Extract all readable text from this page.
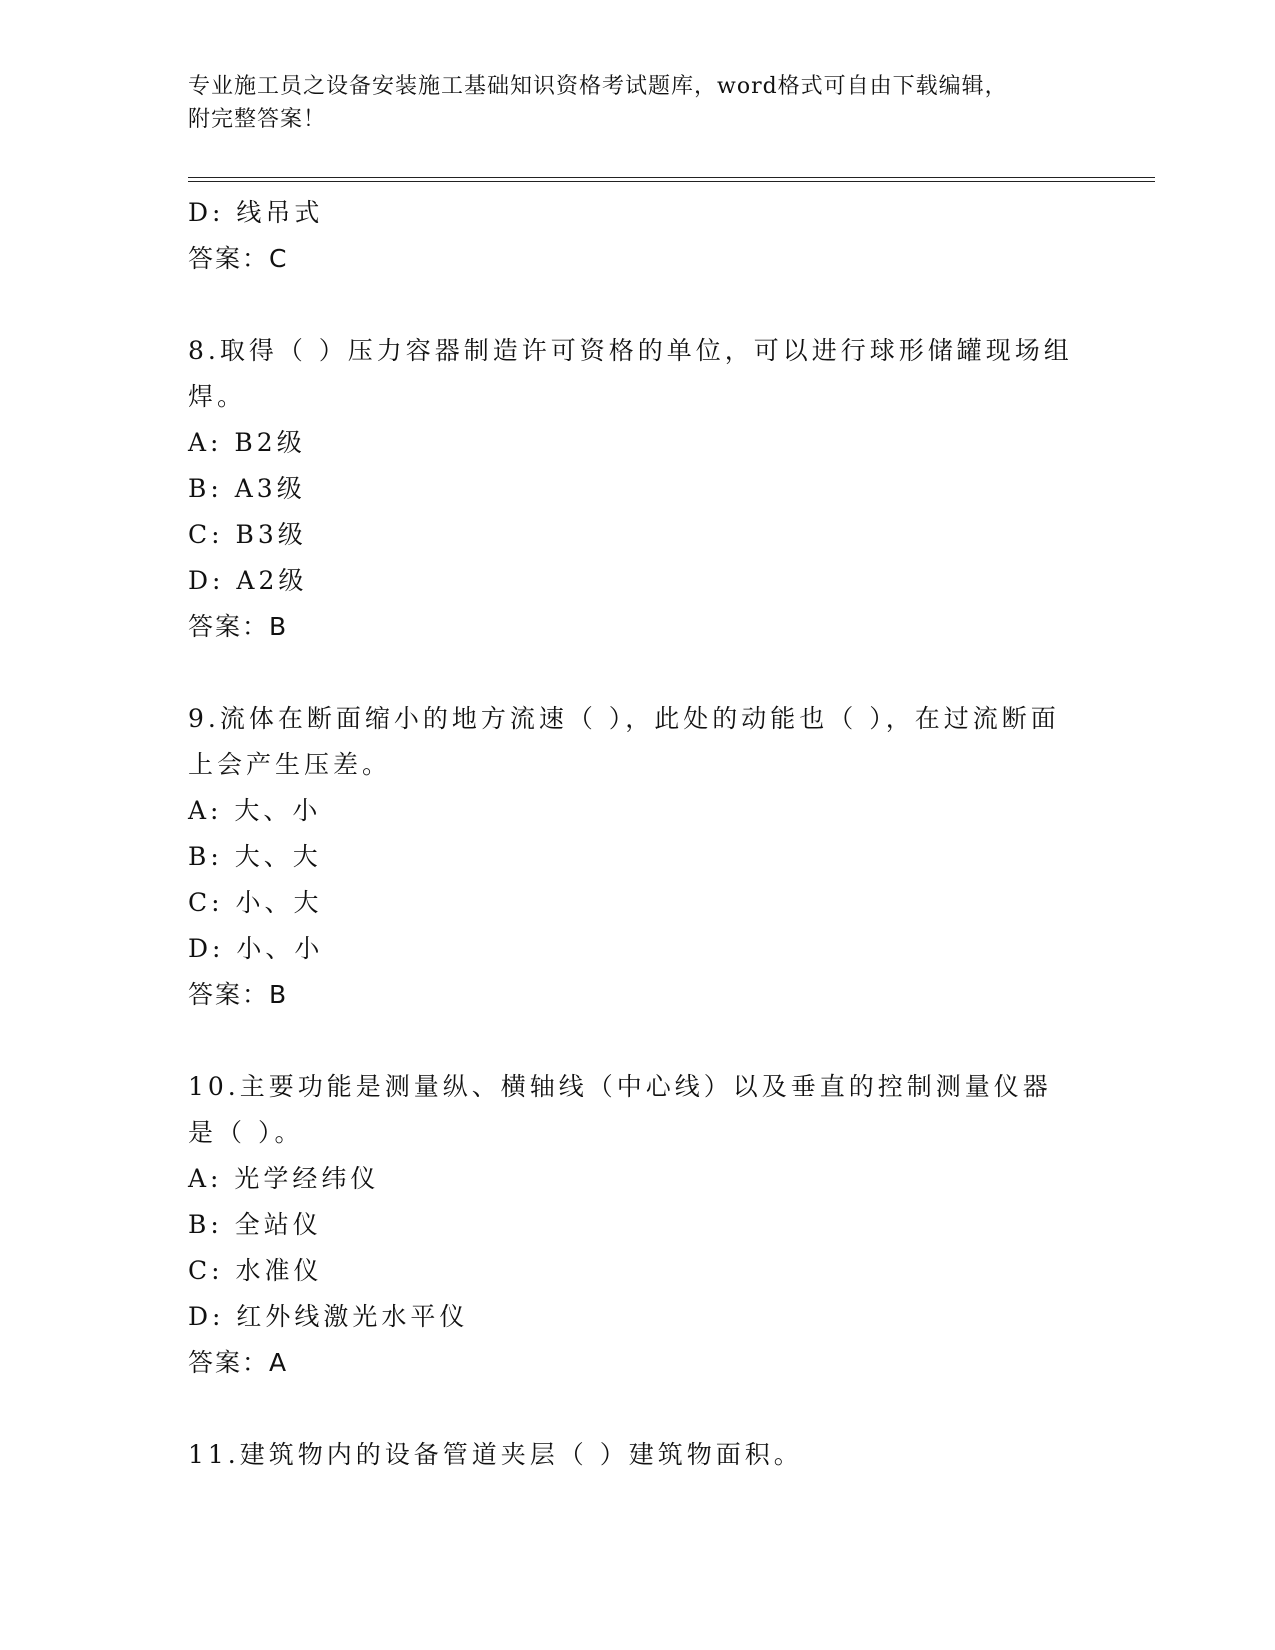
专业施工员之设备安装施工基础知识资格考试题库，word格式可自由下载编辑，
附完整答案！
D: 线吊式
答案：C
8.取得（ ）压力容器制造许可资格的单位，可以进行球形储罐现场组焊。
A: B2级
B: A3级
C: B3级
D: A2级
答案：B
9.流体在断面缩小的地方流速（ ），此处的动能也（ ），在过流断面上会产生压差。
A: 大、小
B: 大、大
C: 小、大
D: 小、小
答案：B
10.主要功能是测量纵、横轴线（中心线）以及垂直的控制测量仪器是（ ）。
A: 光学经纬仪
B: 全站仪
C: 水准仪
D: 红外线激光水平仪
答案：A
11.建筑物内的设备管道夹层（ ）建筑物面积。
